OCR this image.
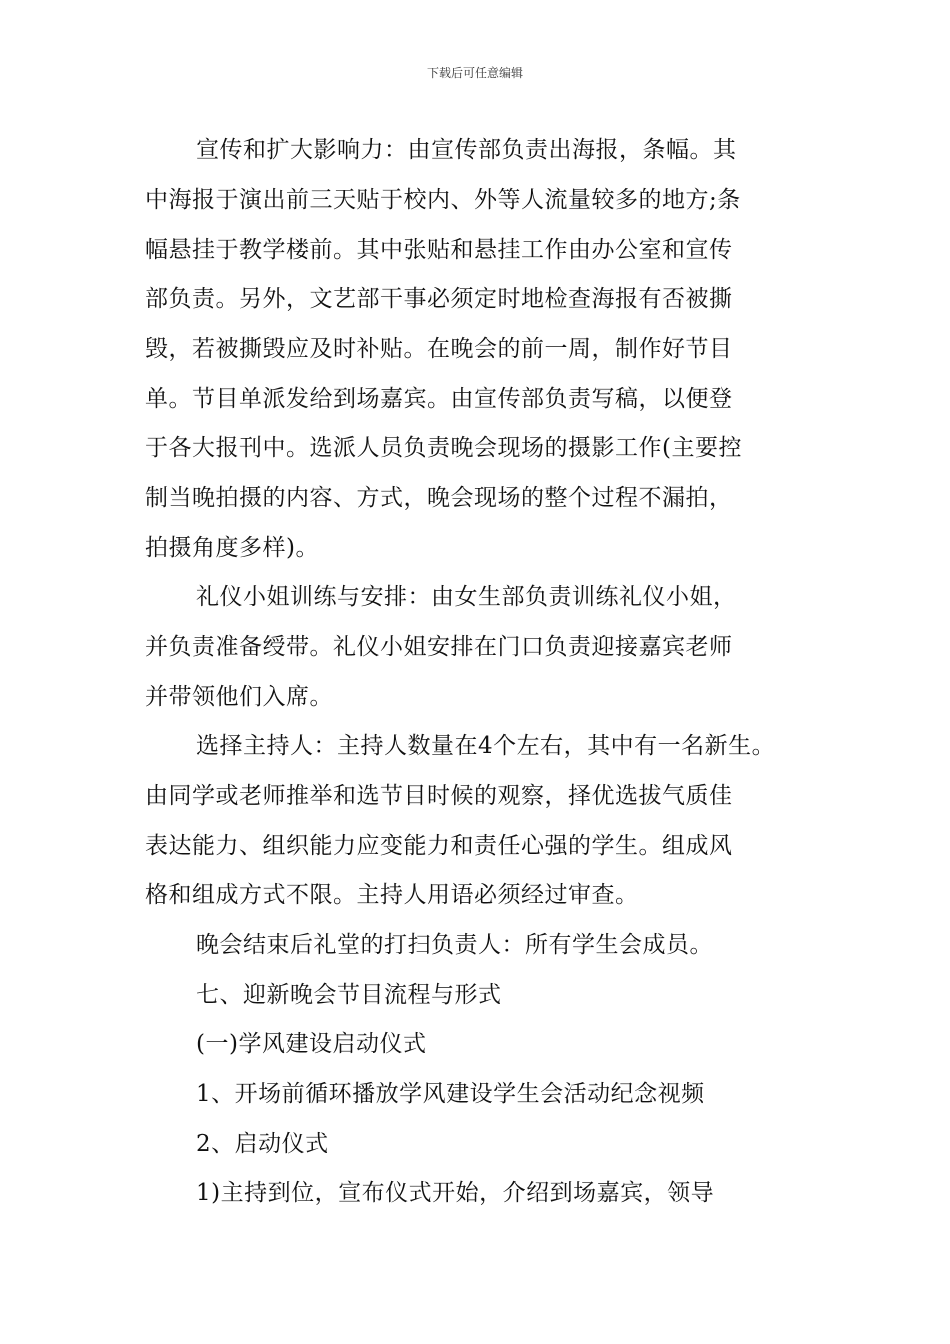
下载后可任意编辑
宣传和扩大影响力：由宣传部负责出海报，条幅。其
中海报于演出前三天贴于校内、外等人流量较多的地方;条
幅悬挂于教学楼前。其中张贴和悬挂工作由办公室和宣传
部负责。另外，文艺部干事必须定时地检查海报有否被撕
毁，若被撕毁应及时补贴。在晚会的前一周，制作好节目
单。节目单派发给到场嘉宾。由宣传部负责写稿，以便登
于各大报刊中。选派人员负责晚会现场的摄影工作(主要控
制当晚拍摄的内容、方式，晚会现场的整个过程不漏拍，
拍摄角度多样)。
礼仪小姐训练与安排：由女生部负责训练礼仪小姐，
并负责准备绶带。礼仪小姐安排在门口负责迎接嘉宾老师
并带领他们入席。
选择主持人：主持人数量在4个左右，其中有一名新生。
由同学或老师推举和选节目时候的观察，择优选拔气质佳
表达能力、组织能力应变能力和责任心强的学生。组成风
格和组成方式不限。主持人用语必须经过审查。
晚会结束后礼堂的打扫负责人：所有学生会成员。
七、迎新晚会节目流程与形式
(一)学风建设启动仪式
1、开场前循环播放学风建设学生会活动纪念视频
2、启动仪式
1)主持到位，宣布仪式开始，介绍到场嘉宾，领导
